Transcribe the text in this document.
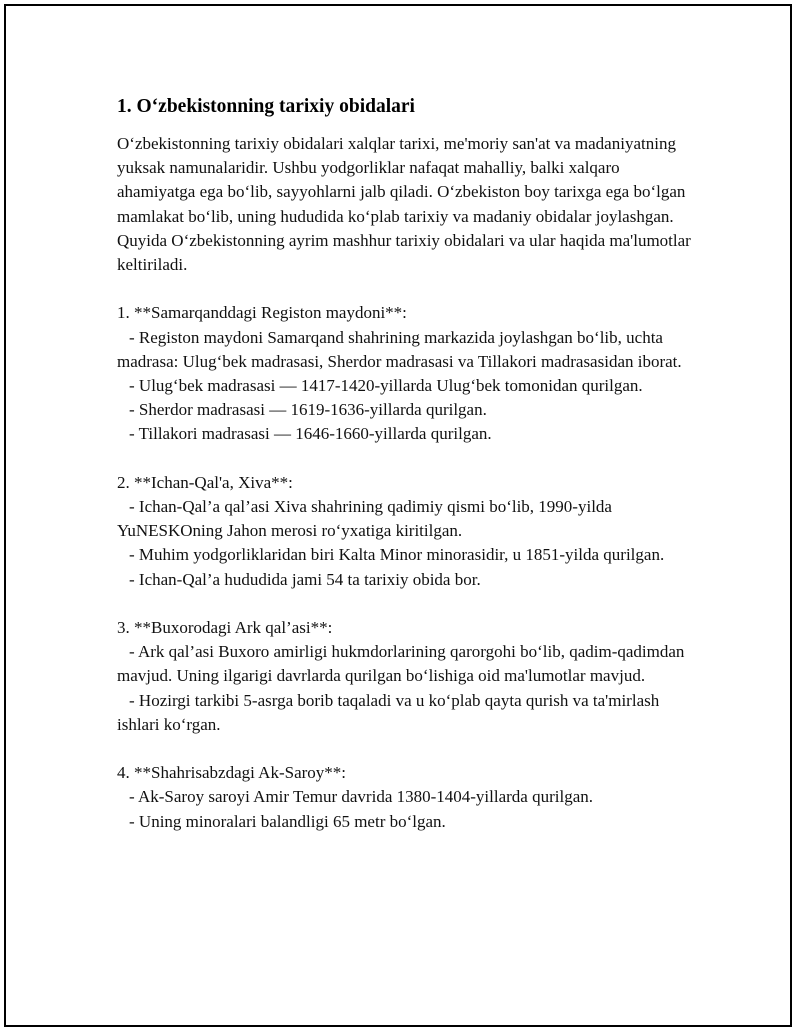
1. O‘zbekistonning tarixiy obidalari

O‘zbekistonning tarixiy obidalari xalqlar tarixi, me'moriy san'at va madaniyatning yuksak namunalaridir. Ushbu yodgorliklar nafaqat mahalliy, balki xalqaro ahamiyatga ega bo‘lib, sayyohlarni jalb qiladi. O‘zbekiston boy tarixga ega bo‘lgan mamlakat bo‘lib, uning hududida ko‘plab tarixiy va madaniy obidalar joylashgan. Quyida O‘zbekistonning ayrim mashhur tarixiy obidalari va ular haqida ma'lumotlar keltiriladi.

1. **Samarqanddagi Registon maydoni**:

- Registon maydoni Samarqand shahrining markazida joylashgan bo‘lib, uchta madrasa: Ulug‘bek madrasasi, Sherdor madrasasi va Tillakori madrasasidan iborat.

- Ulug‘bek madrasasi — 1417-1420-yillarda Ulug‘bek tomonidan qurilgan.

- Sherdor madrasasi — 1619-1636-yillarda qurilgan.

- Tillakori madrasasi — 1646-1660-yillarda qurilgan.

2. **Ichan-Qal'a, Xiva**:

- Ichan-Qal’a qal’asi Xiva shahrining qadimiy qismi bo‘lib, 1990-yilda YuNESKOning Jahon merosi ro‘yxatiga kiritilgan.

- Muhim yodgorliklaridan biri Kalta Minor minorasidir, u 1851-yilda qurilgan.

- Ichan-Qal’a hududida jami 54 ta tarixiy obida bor.

3. **Buxorodagi Ark qal’asi**:

- Ark qal’asi Buxoro amirligi hukmdorlarining qarorgohi bo‘lib, qadim-qadimdan mavjud. Uning ilgarigi davrlarda qurilgan bo‘lishiga oid ma'lumotlar mavjud.

- Hozirgi tarkibi 5-asrga borib taqaladi va u ko‘plab qayta qurish va ta'mirlash ishlari ko‘rgan.

4. **Shahrisabzdagi Ak-Saroy**:

- Ak-Saroy saroyi Amir Temur davrida 1380-1404-yillarda qurilgan.

- Uning minoralari balandligi 65 metr bo‘lgan.
